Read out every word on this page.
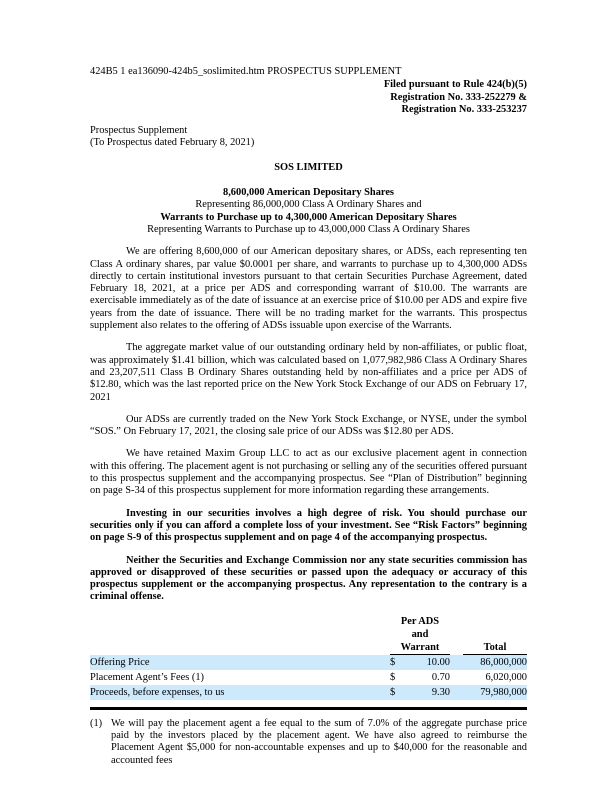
424B5 1 ea136090-424b5_soslimited.htm PROSPECTUS SUPPLEMENT
Filed pursuant to Rule 424(b)(5)
Registration No. 333-252279 &
Registration No. 333-253237
Prospectus Supplement
(To Prospectus dated February 8, 2021)
SOS LIMITED
8,600,000 American Depositary Shares
Representing 86,000,000 Class A Ordinary Shares and
Warrants to Purchase up to 4,300,000 American Depositary Shares
Representing Warrants to Purchase up to 43,000,000 Class A Ordinary Shares

We are offering 8,600,000 of our American depositary shares, or ADSs, each representing ten Class A ordinary shares, par value $0.0001 per share, and warrants to purchase up to 4,300,000 ADSs directly to certain institutional investors pursuant to that certain Securities Purchase Agreement, dated February 18, 2021, at a price per ADS and corresponding warrant of $10.00. The warrants are exercisable immediately as of the date of issuance at an exercise price of $10.00 per ADS and expire five years from the date of issuance. There will be no trading market for the warrants. This prospectus supplement also relates to the offering of ADSs issuable upon exercise of the Warrants.

The aggregate market value of our outstanding ordinary held by non-affiliates, or public float, was approximately $1.41 billion, which was calculated based on 1,077,982,986 Class A Ordinary Shares and 23,207,511 Class B Ordinary Shares outstanding held by non-affiliates and a price per ADS of $12.80, which was the last reported price on the New York Stock Exchange of our ADS on February 17, 2021

Our ADSs are currently traded on the New York Stock Exchange, or NYSE, under the symbol “SOS.” On February 17, 2021, the closing sale price of our ADSs was $12.80 per ADS.

We have retained Maxim Group LLC to act as our exclusive placement agent in connection with this offering. The placement agent is not purchasing or selling any of the securities offered pursuant to this prospectus supplement and the accompanying prospectus. See “Plan of Distribution” beginning on page S-34 of this prospectus supplement for more information regarding these arrangements.

Investing in our securities involves a high degree of risk. You should purchase our securities only if you can afford a complete loss of your investment. See “Risk Factors” beginning on page S-9 of this prospectus supplement and on page 4 of the accompanying prospectus.

Neither the Securities and Exchange Commission nor any state securities commission has approved or disapproved of these securities or passed upon the adequacy or accuracy of this prospectus supplement or the accompanying prospectus. Any representation to the contrary is a criminal offense.

	Per ADS
and
Warrant		Total

Offering Price	$	10.00	86,000,000
Placement Agent’s Fees (1)	$	0.70	6,020,000
Proceeds, before expenses, to us	$	9.30	79,980,000
(1) We will pay the placement agent a fee equal to the sum of 7.0% of the aggregate purchase price paid by the investors placed by the placement agent. We have also agreed to reimburse the Placement Agent $5,000 for non-accountable expenses and up to $40,000 for the reasonable and accounted fees
